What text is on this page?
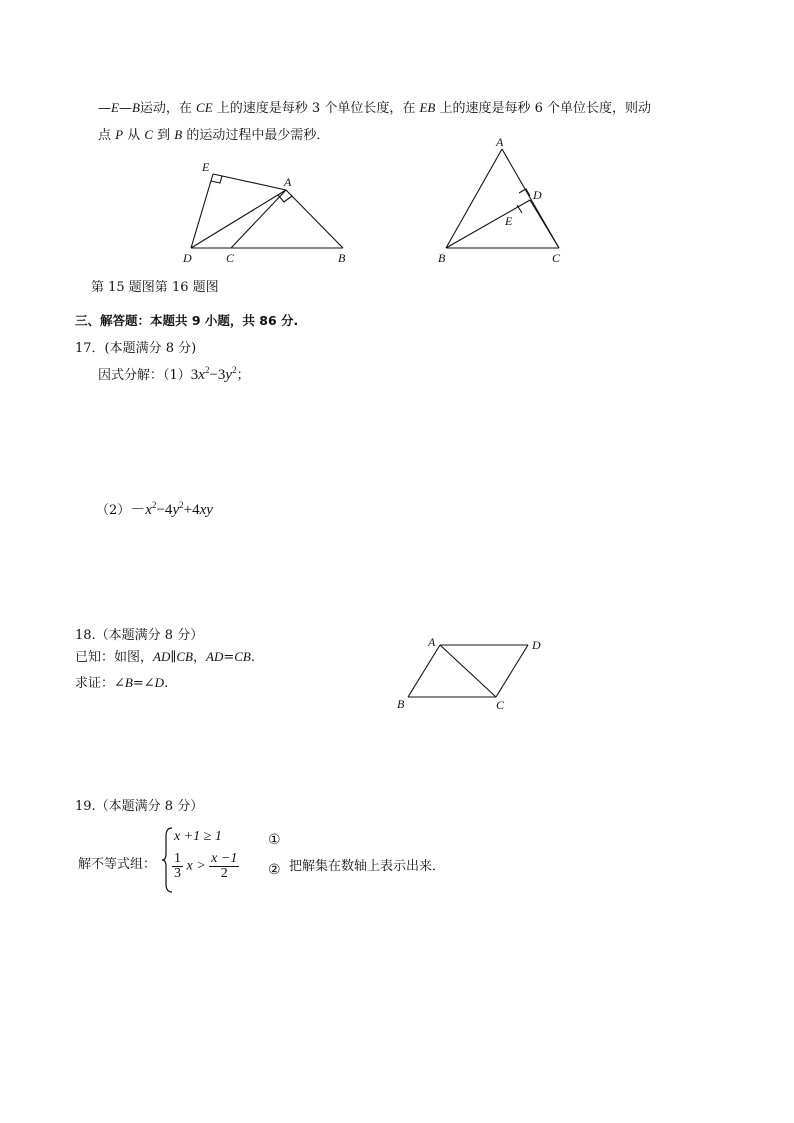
—E—B运动，在 CE 上的速度是每秒 3 个单位长度，在 EB 上的速度是每秒 6 个单位长度，则动
点 P 从 C 到 B 的运动过程中最少需秒．
E
A
D	C	B
A
D
E
B	C
第 15 题图第 16 题图
三、解答题：本题共 9 小题，共 86 分.
17．(本题满分 8 分)
因式分解：$(1)3x^2-3y^2$；
$(2)-x^2-4y^2+4xy$
18.（本题满分 8 分）
已知：如图，AD∥CB，AD=CB.
求证：∠B=∠D.
A	D
B	C
19.（本题满分 8 分）
解不等式组：
x +1 ≥ 1
$\frac{1}{3}$ $x > \frac{x -1}{2}$
①
② 把解集在数轴上表示出来．
